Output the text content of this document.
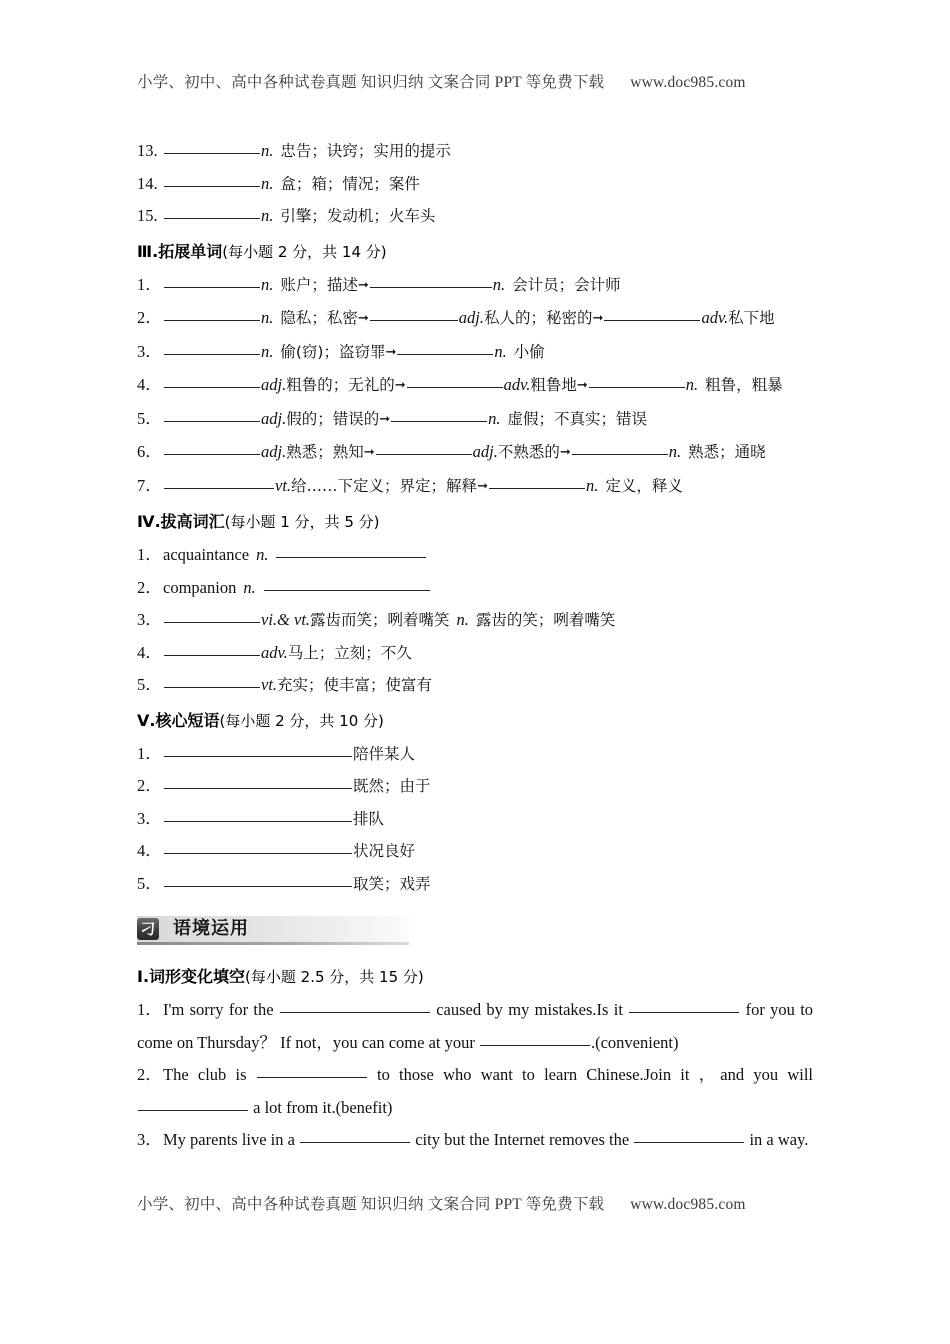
小学、初中、高中各种试卷真题 知识归纳 文案合同 PPT 等免费下载 www.doc985.com
13.	n. 忠告；诀窍；实用的提示
14.	n. 盒；箱；情况；案件
15.	n. 引擎；发动机；火车头
Ⅲ.拓展单词(每小题 2 分，共 14 分)
1．	n. 账户；描述➞	n. 会计员；会计师
2．	n. 隐私；私密➞	adj.私人的；秘密的➞	adv.私下地
3．	n. 偷(窃)；盗窃罪➞	n. 小偷
4．	adj.粗鲁的；无礼的➞	adv.粗鲁地➞	n. 粗鲁，粗暴
5．	adj.假的；错误的➞	n. 虚假；不真实；错误
6．	adj.熟悉；熟知➞	adj.不熟悉的➞	n. 熟悉；通晓
7．	vt.给……下定义；界定；解释➞	n. 定义，释义
Ⅳ.拔高词汇(每小题 1 分，共 5 分)
1．acquaintance n.
2．companion n.
3．	vi.& vt.露齿而笑；咧着嘴笑 n. 露齿的笑；咧着嘴笑
4．	adv.马上；立刻；不久
5．	vt.充实；使丰富；使富有
Ⅴ.核心短语(每小题 2 分，共 10 分)
1．	陪伴某人
2．	既然；由于
3．	排队
4．	状况良好
5．	取笑；戏弄
刁 语境运用
Ⅰ.词形变化填空(每小题 2.5 分，共 15 分)
1．I'm sorry for the	caused by my mistakes.Is it	for you to come on Thursday？ If not，you can come at your	.(convenient)
2．The club is	to those who want to learn Chinese.Join it ，and you will  a lot from it.(benefit)
3．My parents live in a	city but the Internet removes the	in a way.
小学、初中、高中各种试卷真题 知识归纳 文案合同 PPT 等免费下载 www.doc985.com
